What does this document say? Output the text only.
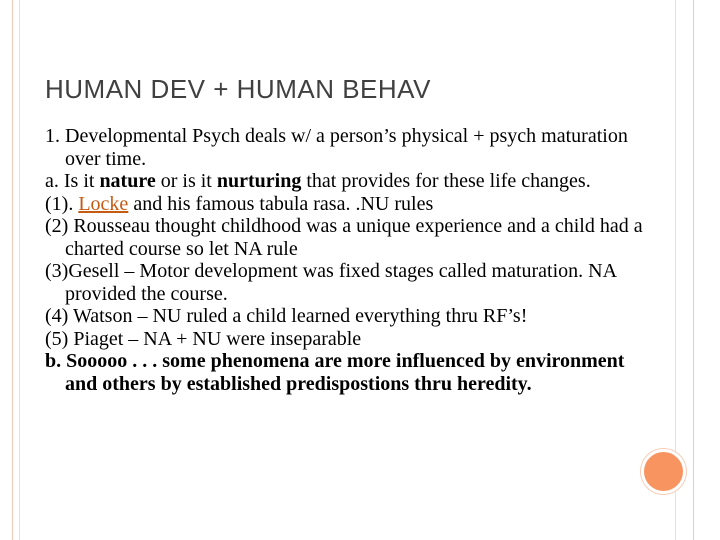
HUMAN DEV + HUMAN BEHAV

1. Developmental Psych deals w/ a person’s physical + psych maturation over time.

a. Is it nature or is it nurturing that provides for these life changes.

(1). Locke and his famous tabula rasa. .NU rules

(2) Rousseau thought childhood was a unique experience and a child had a charted course so let NA rule

(3)Gesell – Motor development was fixed stages called maturation. NA provided the course.

(4) Watson – NU ruled a child learned everything thru RF’s!

(5) Piaget – NA + NU were inseparable

b. Sooooo . . . some phenomena are more influenced by environment and others by established predispostions thru heredity.
